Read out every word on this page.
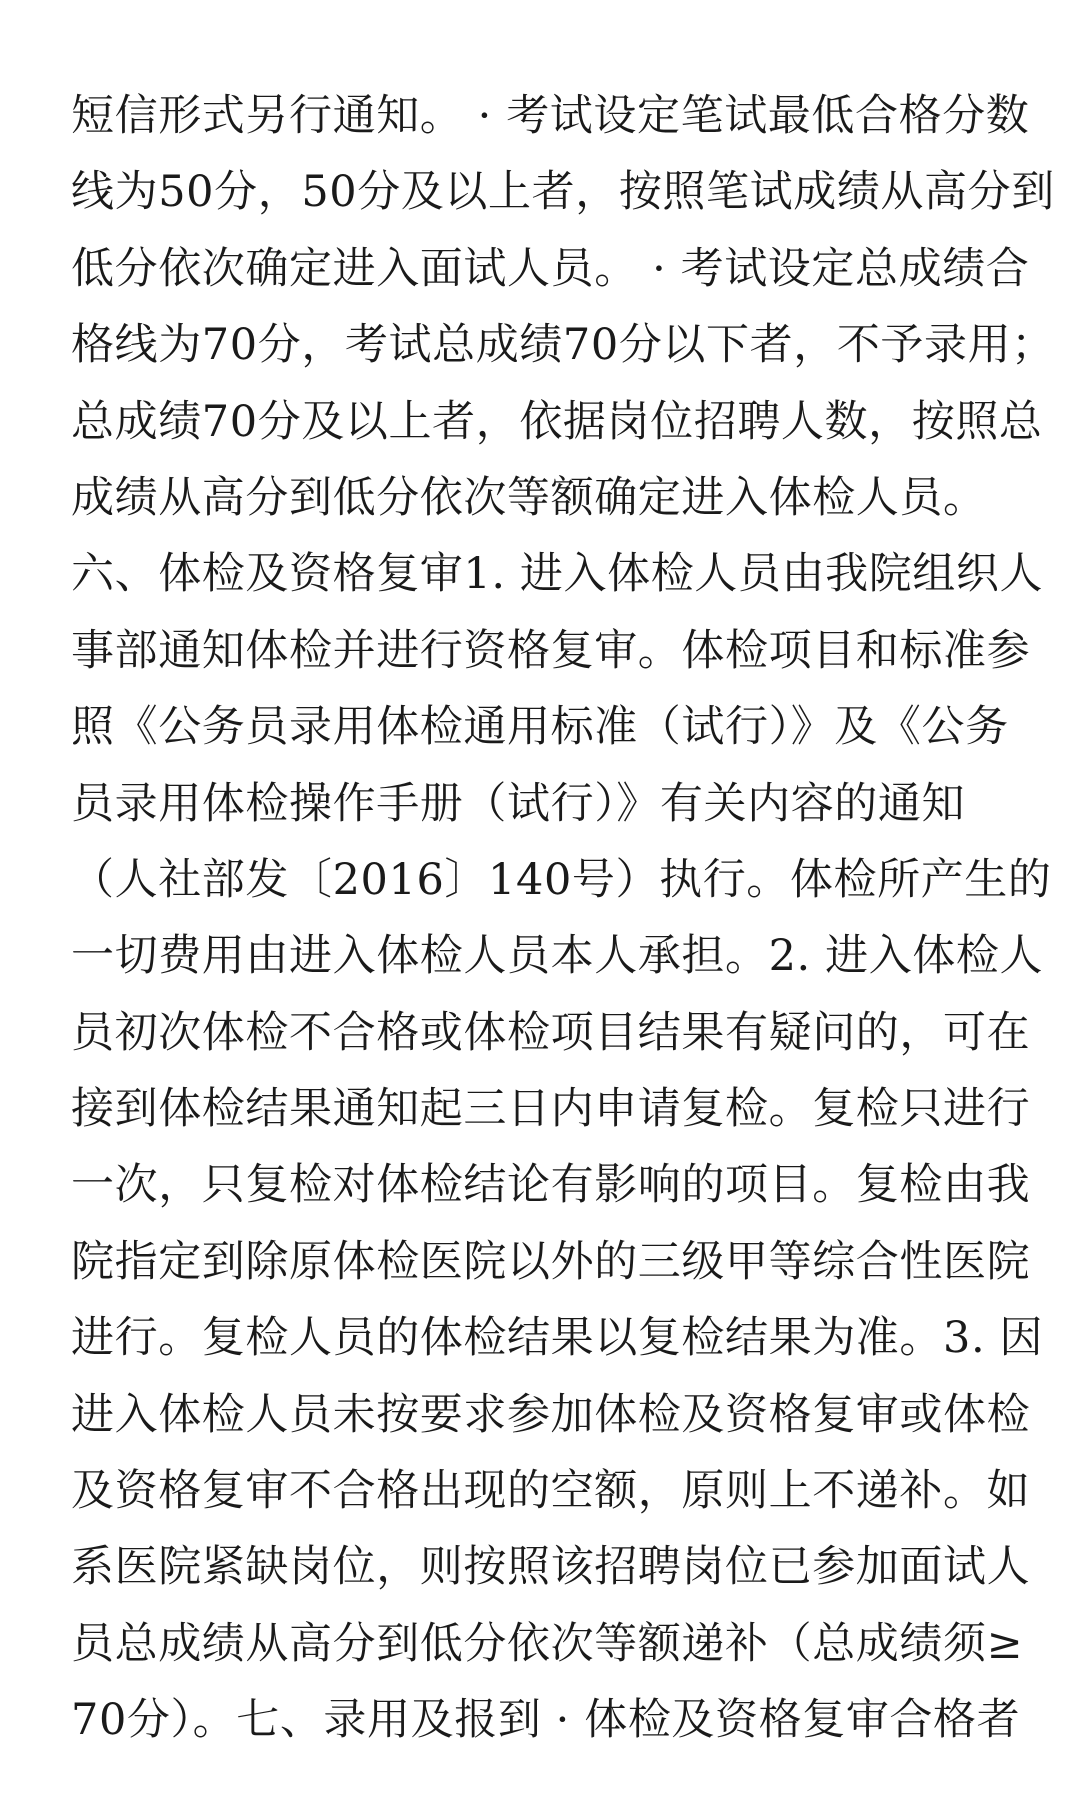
短信形式另行通知。 · 考试设定笔试最低合格分数
线为50分，50分及以上者，按照笔试成绩从高分到
低分依次确定进入面试人员。 · 考试设定总成绩合
格线为70分，考试总成绩70分以下者，不予录用；
总成绩70分及以上者，依据岗位招聘人数，按照总
成绩从高分到低分依次等额确定进入体检人员。
六、体检及资格复审1. 进入体检人员由我院组织人
事部通知体检并进行资格复审。体检项目和标准参
照《公务员录用体检通用标准（试行）》及《公务
员录用体检操作手册（试行）》有关内容的通知
（人社部发〔2016〕140号）执行。体检所产生的
一切费用由进入体检人员本人承担。2. 进入体检人
员初次体检不合格或体检项目结果有疑问的，可在
接到体检结果通知起三日内申请复检。复检只进行
一次，只复检对体检结论有影响的项目。复检由我
院指定到除原体检医院以外的三级甲等综合性医院
进行。复检人员的体检结果以复检结果为准。3. 因
进入体检人员未按要求参加体检及资格复审或体检
及资格复审不合格出现的空额，原则上不递补。如
系医院紧缺岗位，则按照该招聘岗位已参加面试人
员总成绩从高分到低分依次等额递补（总成绩须≥
70分）。七、录用及报到 · 体检及资格复审合格者
